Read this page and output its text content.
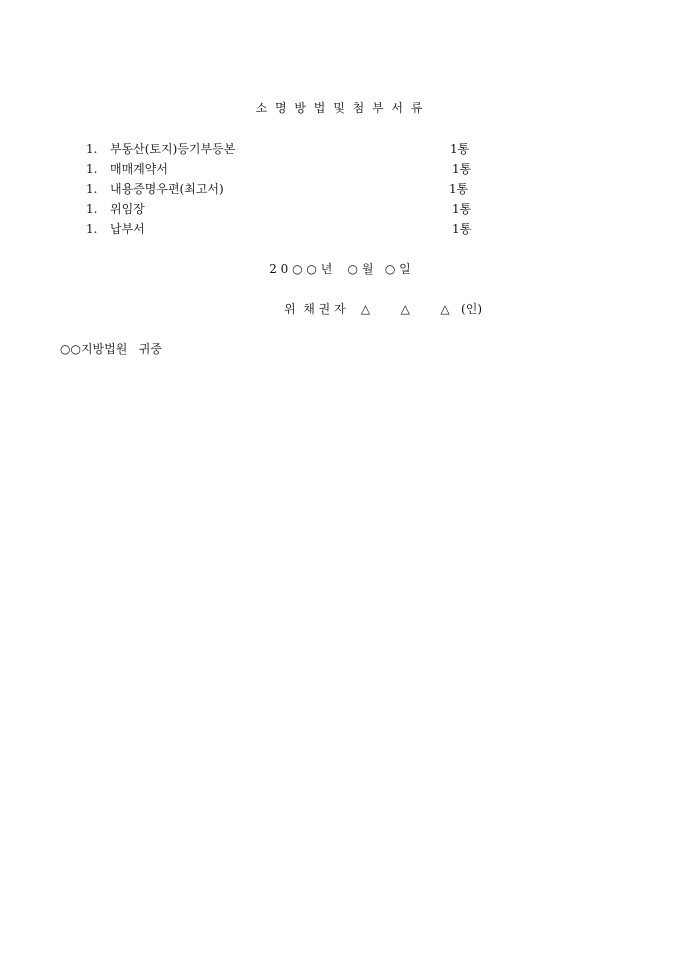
소 명 방 법 및 첨 부 서 류
1. 부동산(토지)등기부등본	1통
1. 매매계약서	1통
1. 내용증명우편(최고서)	1통
1. 위임장	1통
1. 납부서	1통
2 0 ○ ○ 년    ○ 월   ○ 일
위  채 권 자    △        △        △   (인)
○○지방법원   귀중
